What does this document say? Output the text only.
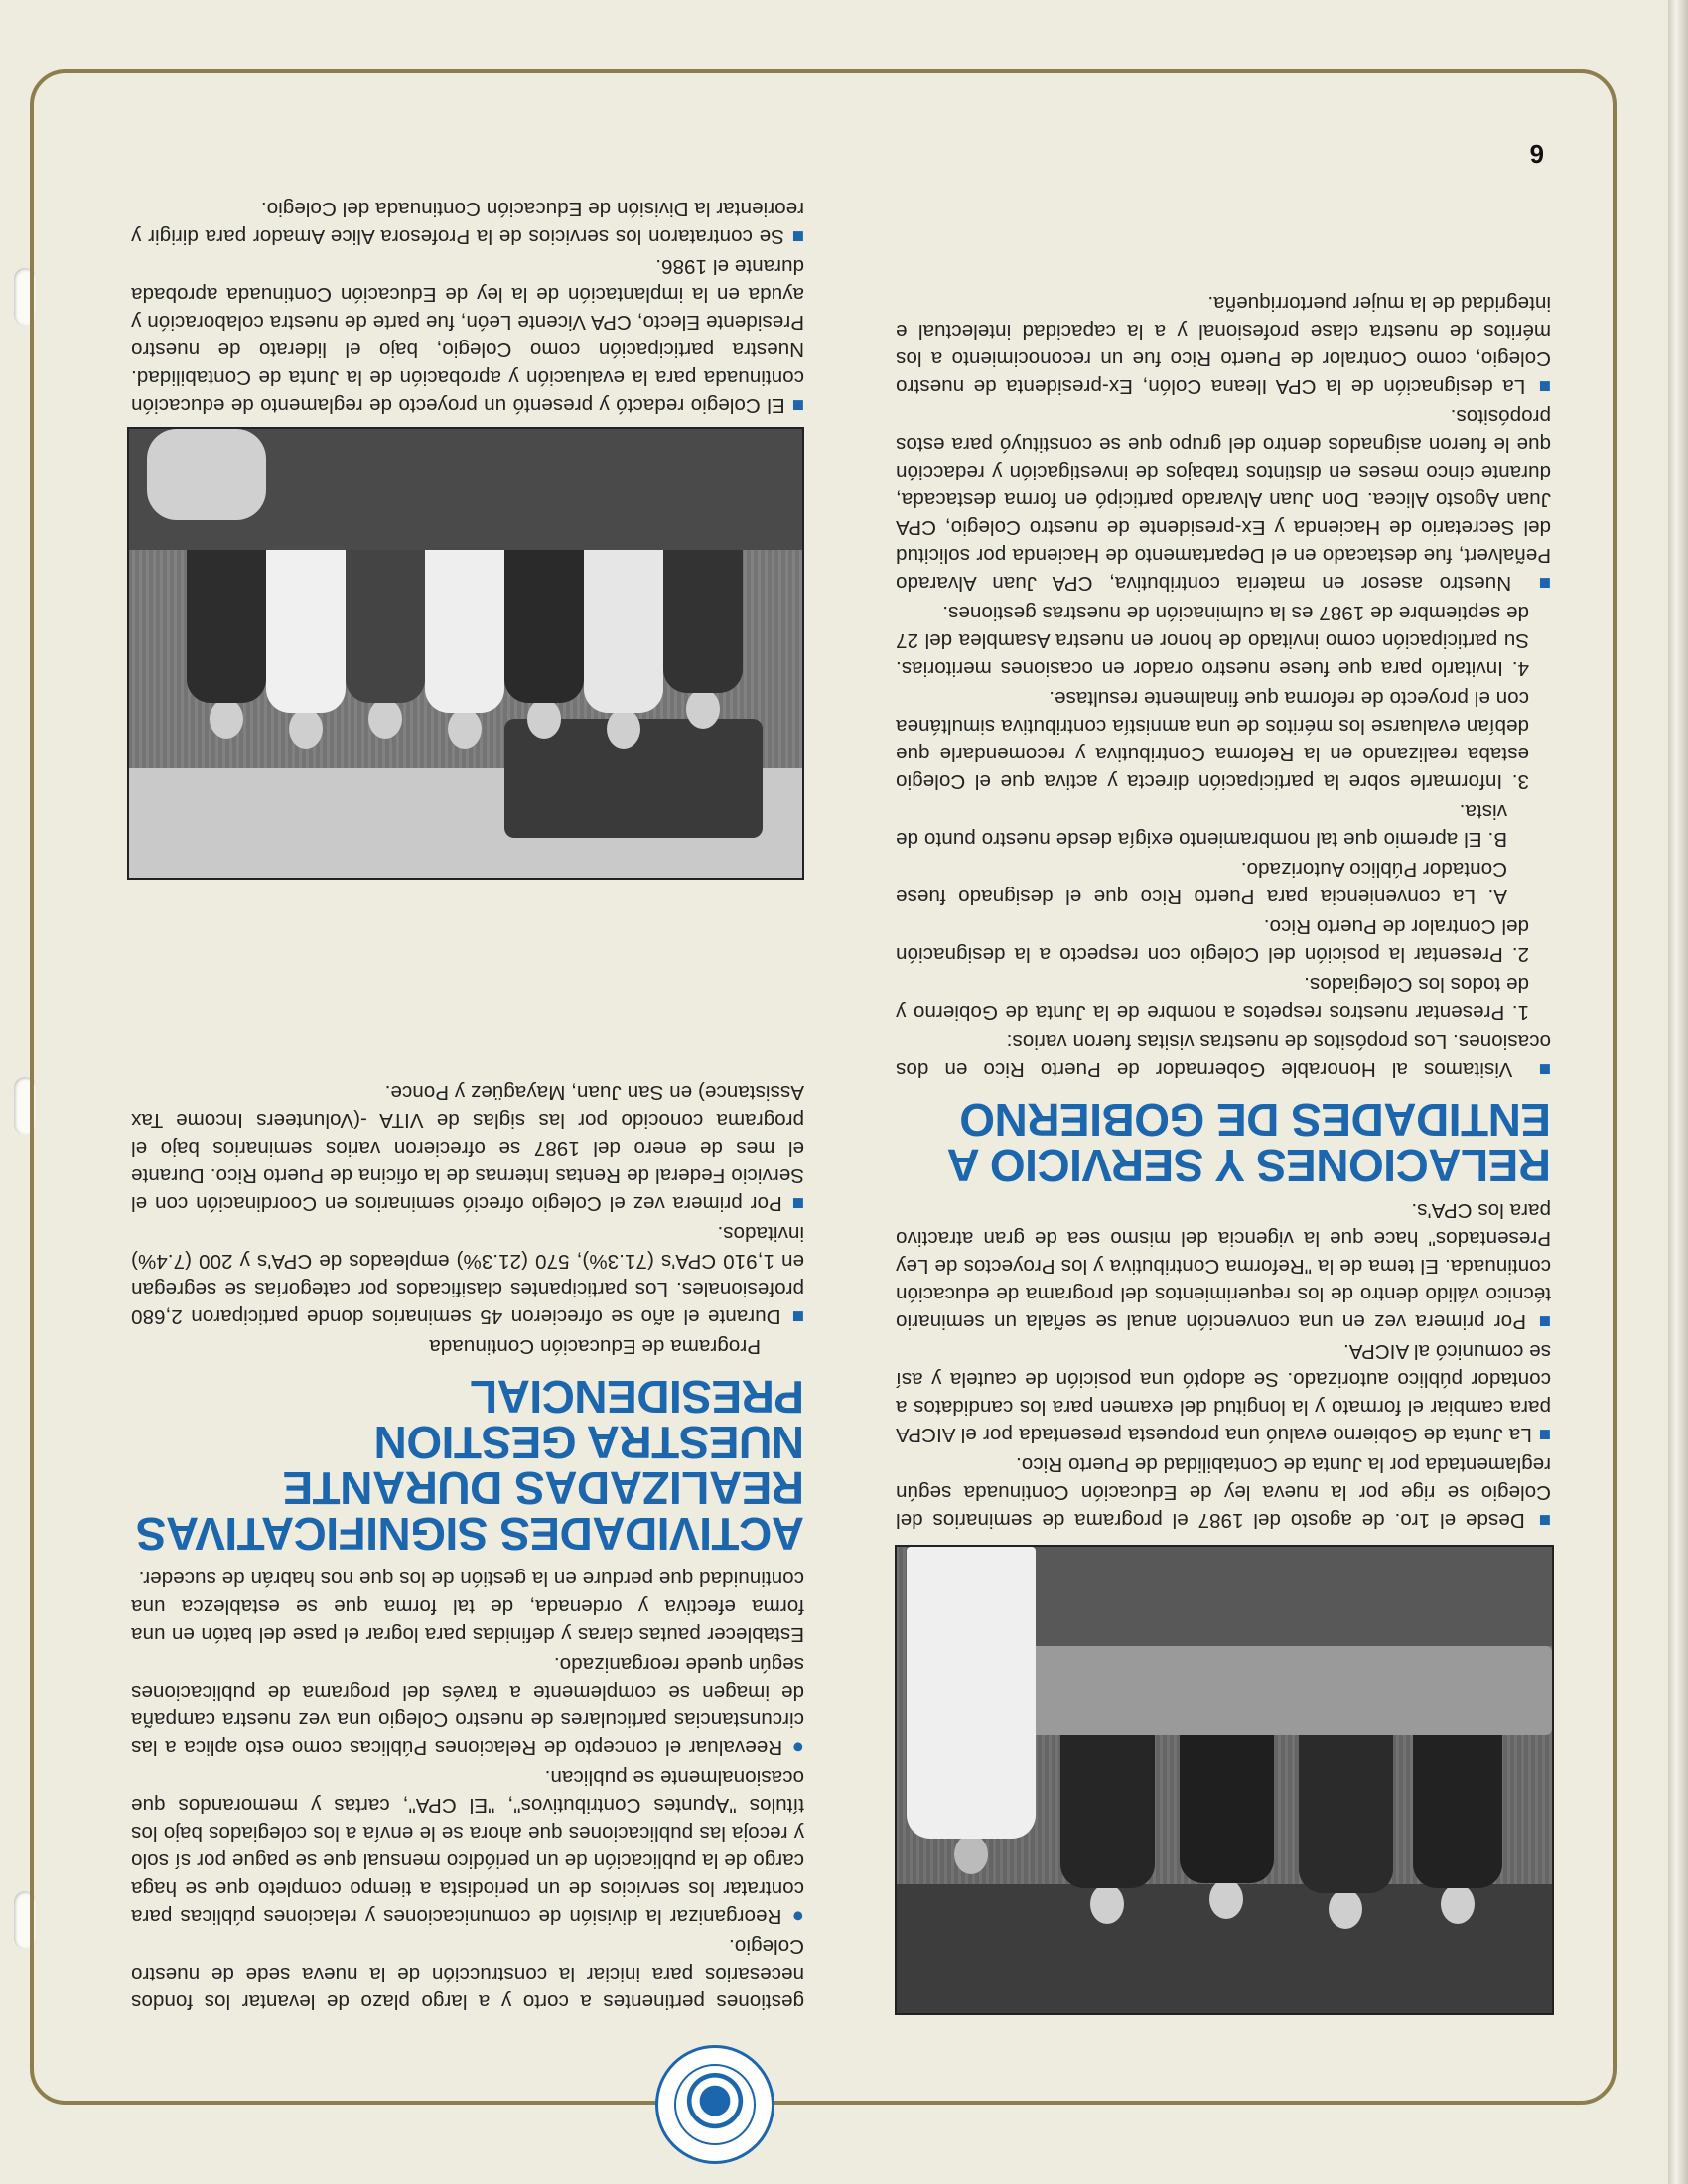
■ Desde el 1ro. de agosto del 1987 el programa de seminarios del Colegio se rige por la nueva ley de Educación Continuada según reglamentada por la Junta de Contabilidad de Puerto Rico.

■ La Junta de Gobierno evaluó una propuesta presentada por el AICPA para cambiar el formato y la longitud del examen para los candidatos a contador público autorizado. Se adoptó una posición de cautela y así se comunicó al AICPA.

■ Por primera vez en una convención anual se señala un seminario técnico válido dentro de los requerimientos del programa de educación continuada. El tema de la "Reforma Contributiva y los Proyectos de Ley Presentados" hace que la vigencia del mismo sea de gran atractivo para los CPA's.

RELACIONES Y SERVICIO A ENTIDADES DE GOBIERNO

■ Visitamos al Honorable Gobernador de Puerto Rico en dos ocasiones. Los propósitos de nuestras visitas fueron varios:

1. Presentar nuestros respetos a nombre de la Junta de Gobierno y de todos los Colegiados.

2. Presentar la posición del Colegio con respecto a la designación del Contralor de Puerto Rico.

A. La conveniencia para Puerto Rico que el designado fuese Contador Público Autorizado.

B. El apremio que tal nombramiento exigía desde nuestro punto de vista.

3. Informarle sobre la participación directa y activa que el Colegio estaba realizando en la Reforma Contributiva y recomendarle que debían evaluarse los méritos de una amnistía contributiva simultánea con el proyecto de reforma que finalmente resultase.

4. Invitarlo para que fuese nuestro orador en ocasiones meritorias. Su participación como invitado de honor en nuestra Asamblea del 27 de septiembre de 1987 es la culminación de nuestras gestiones.

■ Nuestro asesor en materia contributiva, CPA Juan Alvarado Peñalvert, fue destacado en el Departamento de Hacienda por solicitud del Secretario de Hacienda y Ex-presidente de nuestro Colegio, CPA Juan Agosto Alicea. Don Juan Alvarado participó en forma destacada, durante cinco meses en distintos trabajos de investigación y redacción que le fueron asignados dentro del grupo que se constituyó para estos propósitos.

■ La designación de la CPA Ileana Colón, Ex-presidenta de nuestro Colegio, como Contralor de Puerto Rico fue un reconocimiento a los méritos de nuestra clase profesional y a la capacidad intelectual e integridad de la mujer puertorriqueña.

gestiones pertinentes a corto y a largo plazo de levantar los fondos necesarios para iniciar la construcción de la nueva sede de nuestro Colegio.

● Reorganizar la división de comunicaciones y relaciones públicas para contratar los servicios de un periodista a tiempo completo que se haga cargo de la publicación de un periódico mensual que se pague por sí solo y recoja las publicaciones que ahora se le envía a los colegiados bajo los títulos "Apuntes Contributivos", "El CPA", cartas y memorandos que ocasionalmente se publican.

● Reevaluar el concepto de Relaciones Públicas como esto aplica a las circunstancias particulares de nuestro Colegio una vez nuestra campaña de imagen se complemente a través del programa de publicaciones según quede reorganizado.

Establecer pautas claras y definidas para lograr el pase del batón en una forma efectiva y ordenada, de tal forma que se establezca una continuidad que perdure en la gestión de los que nos habrán de suceder.

ACTIVIDADES SIGNIFICATIVAS REALIZADAS DURANTE NUESTRA GESTION PRESIDENCIAL

Programa de Educación Continuada

■ Durante el año se ofrecieron 45 seminarios donde participaron 2,680 profesionales. Los participantes clasificados por categorías se segregan en 1,910 CPA's (71.3%), 570 (21.3%) empleados de CPA's y 200 (7.4%) invitados.

■ Por primera vez el Colegio ofreció seminarios en Coordinación con el Servicio Federal de Rentas Internas de la oficina de Puerto Rico. Durante el mes de enero del 1987 se ofrecieron varios seminarios bajo el programa conocido por las siglas de VITA -(Volunteers Income Tax Assistance) en San Juan, Mayagüez y Ponce.

■ El Colegio redactó y presentó un proyecto de reglamento de educación continuada para la evaluación y aprobación de la Junta de Contabilidad. Nuestra participación como Colegio, bajo el liderato de nuestro Presidente Electo, CPA Vicente León, fue parte de nuestra colaboración y ayuda en la implantación de la ley de Educación Continuada aprobada durante el 1986.

■ Se contrataron los servicios de la Profesora Alice Amador para dirigir y reorientar la División de Educación Continuada del Colegio.

6
